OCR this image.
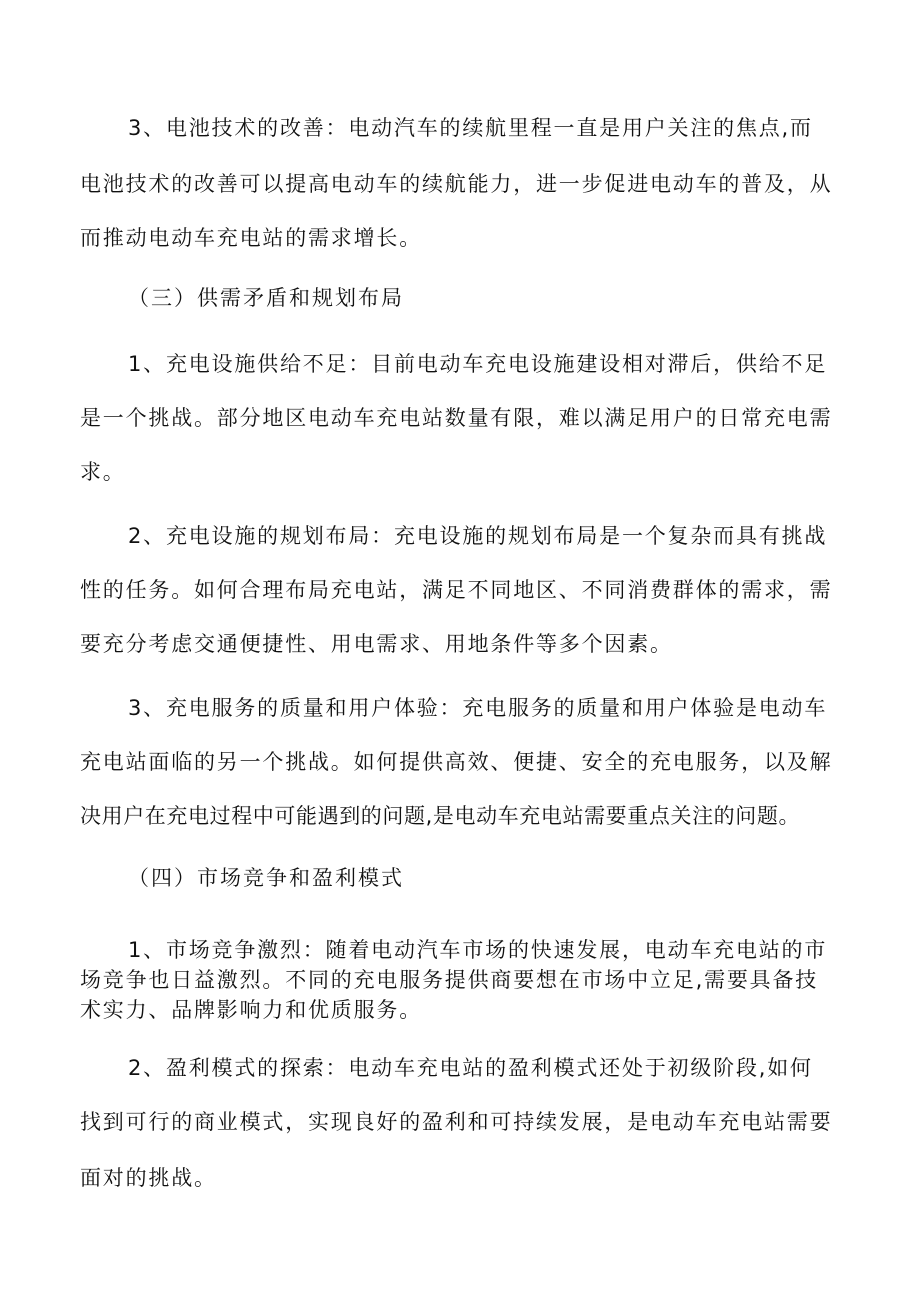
3、电池技术的改善：电动汽车的续航里程一直是用户关注的焦点,而
电池技术的改善可以提高电动车的续航能力，进一步促进电动车的普及，从
而推动电动车充电站的需求增长。
（三）供需矛盾和规划布局
1、充电设施供给不足：目前电动车充电设施建设相对滞后，供给不足
是一个挑战。部分地区电动车充电站数量有限，难以满足用户的日常充电需
求。
2、充电设施的规划布局：充电设施的规划布局是一个复杂而具有挑战
性的任务。如何合理布局充电站，满足不同地区、不同消费群体的需求，需
要充分考虑交通便捷性、用电需求、用地条件等多个因素。
3、充电服务的质量和用户体验：充电服务的质量和用户体验是电动车
充电站面临的另一个挑战。如何提供高效、便捷、安全的充电服务，以及解
决用户在充电过程中可能遇到的问题,是电动车充电站需要重点关注的问题。
（四）市场竞争和盈利模式
1、市场竞争激烈：随着电动汽车市场的快速发展，电动车充电站的市
场竞争也日益激烈。不同的充电服务提供商要想在市场中立足,需要具备技
术实力、品牌影响力和优质服务。
2、盈利模式的探索：电动车充电站的盈利模式还处于初级阶段,如何
找到可行的商业模式，实现良好的盈利和可持续发展，是电动车充电站需要
面对的挑战。
